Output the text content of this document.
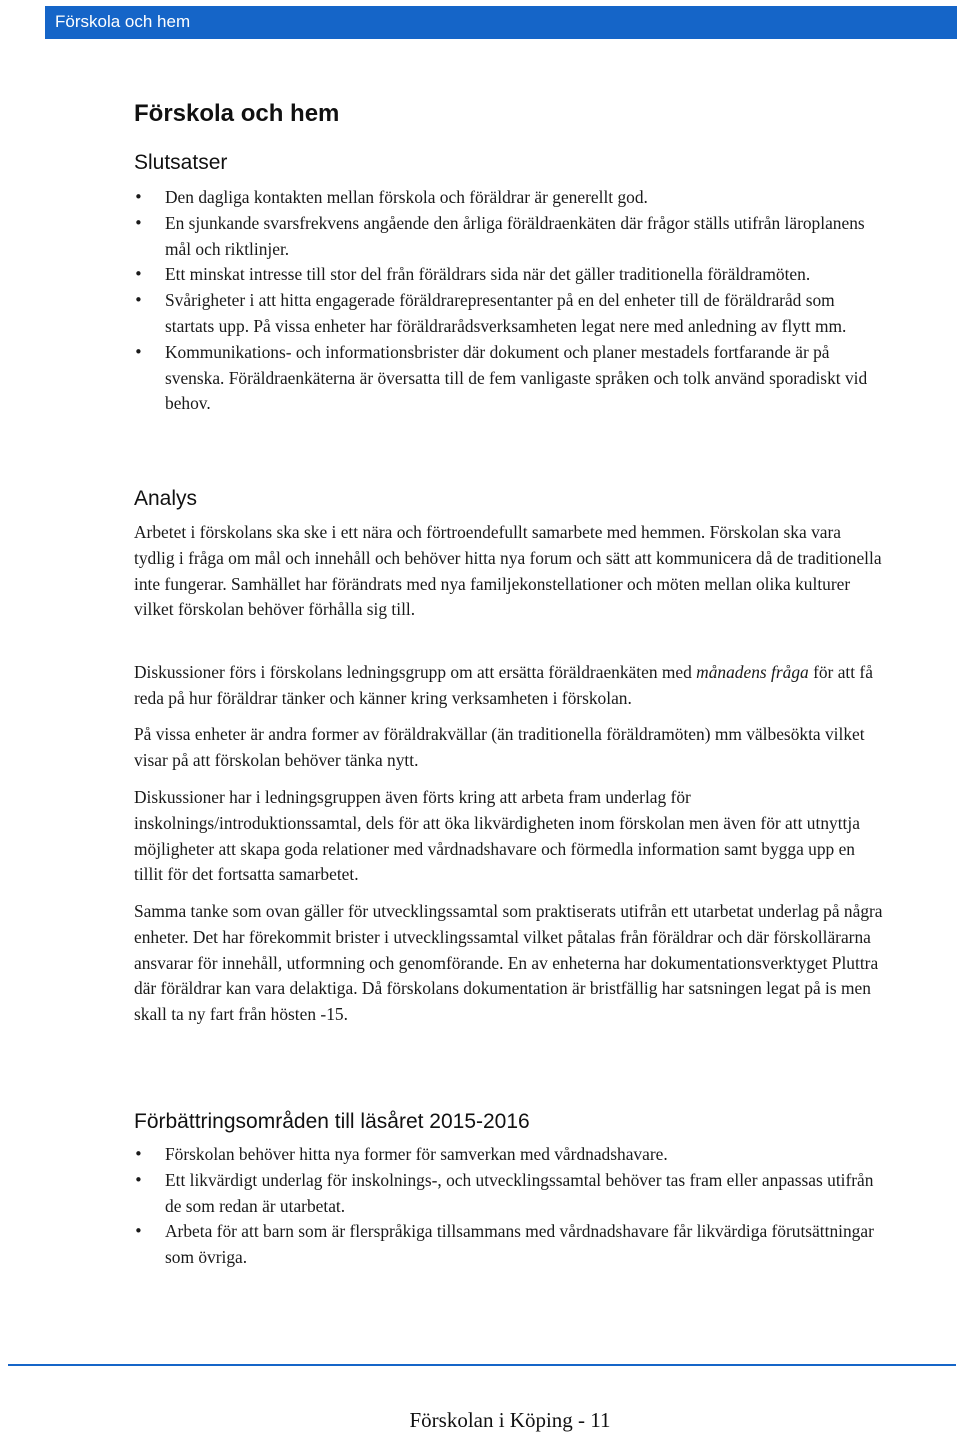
Förskola och hem
Förskola och hem
Slutsatser
• Den dagliga kontakten mellan förskola och föräldrar är generellt god.
• En sjunkande svarsfrekvens angående den årliga föräldraenkäten där frågor ställs utifrån läroplanens mål och riktlinjer.
• Ett minskat intresse till stor del från föräldrars sida när det gäller traditionella föräldramöten.
• Svårigheter i att hitta engagerade föräldrarepresentanter på en del enheter till de föräldraråd som startats upp. På vissa enheter har föräldrarådsverksamheten legat nere med anledning av flytt mm.
• Kommunikations- och informationsbrister där dokument och planer mestadels fortfarande är på svenska. Föräldraenkäterna är översatta till de fem vanligaste språken och tolk använd sporadiskt vid behov.
Analys

Arbetet i förskolans ska ske i ett nära och förtroendefullt samarbete med hemmen. Förskolan ska vara tydlig i fråga om mål och innehåll och behöver hitta nya forum och sätt att kommunicera då de traditionella inte fungerar. Samhället har förändrats med nya familjekonstellationer och möten mellan olika kulturer vilket förskolan behöver förhålla sig till.

Diskussioner förs i förskolans ledningsgrupp om att ersätta föräldraenkäten med månadens fråga för att få reda på hur föräldrar tänker och känner kring verksamheten i förskolan.

På vissa enheter är andra former av föräldrakvällar (än traditionella föräldramöten) mm välbesökta vilket visar på att förskolan behöver tänka nytt.

Diskussioner har i ledningsgruppen även förts kring att arbeta fram underlag för inskolnings/introduktionssamtal, dels för att öka likvärdigheten inom förskolan men även för att utnyttja möjligheter att skapa goda relationer med vårdnadshavare och förmedla information samt bygga upp en tillit för det fortsatta samarbetet.

Samma tanke som ovan gäller för utvecklingssamtal som praktiserats utifrån ett utarbetat underlag på några enheter. Det har förekommit brister i utvecklingssamtal vilket påtalas från föräldrar och där förskollärarna ansvarar för innehåll, utformning och genomförande. En av enheterna har dokumentationsverktyget Pluttra där föräldrar kan vara delaktiga. Då förskolans dokumentation är bristfällig har satsningen legat på is men skall ta ny fart från hösten -15.

Förbättringsområden till läsåret 2015-2016
• Förskolan behöver hitta nya former för samverkan med vårdnadshavare.
• Ett likvärdigt underlag för inskolnings-, och utvecklingssamtal behöver tas fram eller anpassas utifrån de som redan är utarbetat.
• Arbeta för att barn som är flerspråkiga tillsammans med vårdnadshavare får likvärdiga förutsättningar som övriga.
Förskolan i Köping - 11
